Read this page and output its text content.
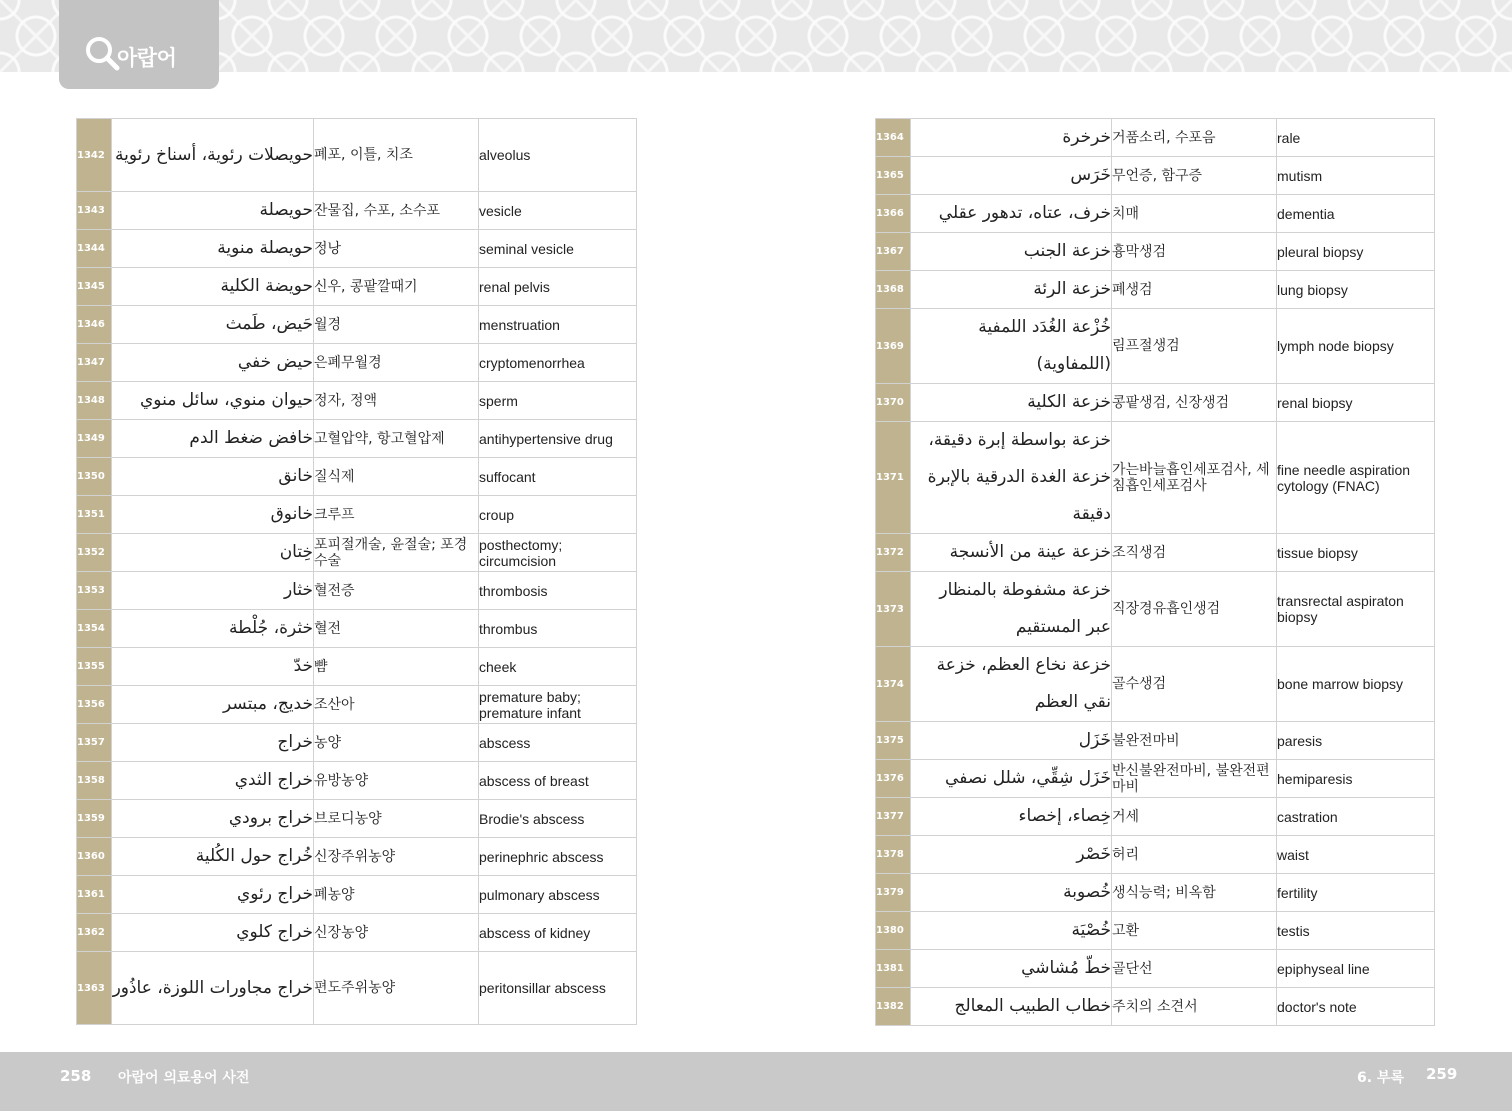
아랍어
1342	حويصلات رئوية، أسناخ رئوية	폐포, 이틀, 치조	alveolus
1343	حويصلة	잔물집, 수포, 소수포	vesicle
1344	حويصلة منوية	정낭	seminal vesicle
1345	حويضة الكلية	신우, 콩팥깔때기	renal pelvis
1346	حَيض، طَمث	월경	menstruation
1347	حيض خفي	은폐무월경	cryptomenorrhea
1348	حيوان منوي، سائل منوي	정자, 정액	sperm
1349	خافض ضغط الدم	고혈압약, 항고혈압제	antihypertensive drug
1350	خانق	질식제	suffocant
1351	خانوق	크루프	croup
1352	خِتان	포피절개술, 윤절술; 포경수술	posthectomy; circumcision
1353	خثار	혈전증	thrombosis
1354	خثرة، جُلْطة	혈전	thrombus
1355	خدّ	뺨	cheek
1356	خديج، مبتسر	조산아	premature baby; premature infant
1357	خراج	농양	abscess
1358	خراج الثدي	유방농양	abscess of breast
1359	خراج برودي	브로디농양	Brodie's abscess
1360	خُراج حول الكُلية	신장주위농양	perinephric abscess
1361	خراج رئوي	폐농양	pulmonary abscess
1362	خراج كلوي	신장농양	abscess of kidney
1363	خراج مجاورات اللوزة، عاذُور	편도주위농양	peritonsillar abscess
1364	خرخرة	거품소리, 수포음	rale
1365	خَرَس	무언증, 함구증	mutism
1366	خرف، عتاه، تدهور عقلي	치매	dementia
1367	خزعة الجنب	흉막생검	pleural biopsy
1368	خزعة الرئة	폐생검	lung biopsy
1369	خُزْعة الغُدَد اللمفية (اللمفاوية)	림프절생검	lymph node biopsy
1370	خزعة الكلية	콩팥생검, 신장생검	renal biopsy
1371	خزعة بواسطة إبرة دقيقة، خزعة الغدة الدرقية بالإبرة دقيقة	가는바늘흡인세포검사, 세침흡인세포검사	fine needle aspiration cytology (FNAC)
1372	خزعة عينة من الأنسجة	조직생검	tissue biopsy
1373	خزعة مشفوطة بالمنظار عبر المستقيم	직장경유흡인생검	transrectal aspiraton biopsy
1374	خزعة نخاع العظم، خزعة نقي العظم	골수생검	bone marrow biopsy
1375	خَزَل	불완전마비	paresis
1376	خَزَل شِقِّي، شلل نصفي	반신불완전마비, 불완전편마비	hemiparesis
1377	خِصاء، إخصاء	거세	castration
1378	خَصْر	허리	waist
1379	خُصوبة	생식능력; 비옥함	fertility
1380	خُصْيَة	고환	testis
1381	خطّ مُشاشي	골단선	epiphyseal line
1382	خطاب الطبيب المعالج	주치의 소견서	doctor's note
258 아랍어 의료용어 사전	6. 부록 259
